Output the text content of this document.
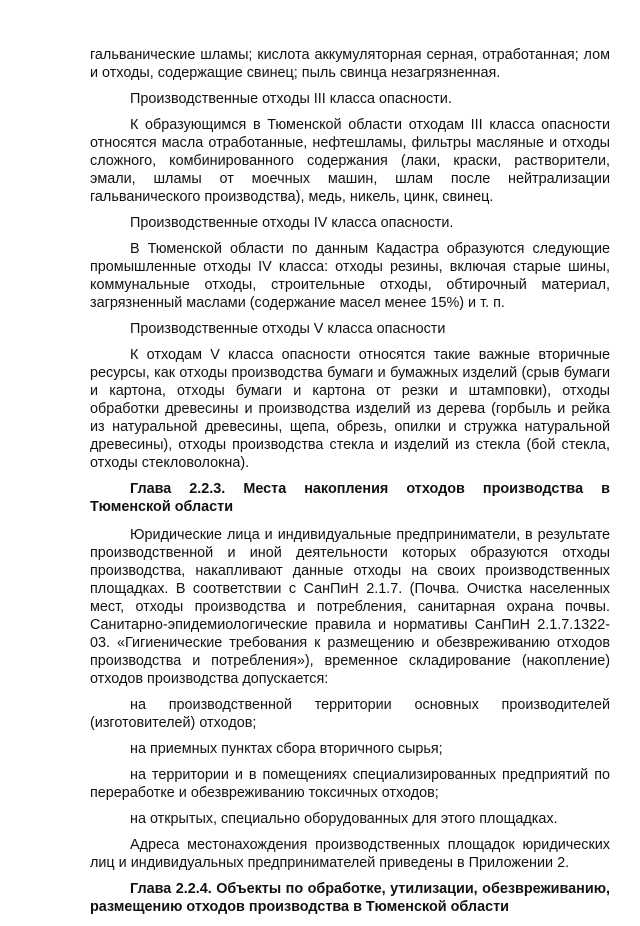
гальванические шламы; кислота аккумуляторная серная, отработанная; лом и отходы, содержащие свинец; пыль свинца незагрязненная.

Производственные отходы III класса опасности.

К образующимся в Тюменской области отходам III класса опасности относятся масла отработанные, нефтешламы, фильтры масляные и отходы сложного, комбинированного содержания (лаки, краски, растворители, эмали, шламы от моечных машин, шлам после нейтрализации гальванического производства), медь, никель, цинк, свинец.

Производственные отходы IV класса опасности.

В Тюменской области по данным Кадастра образуются следующие промышленные отходы IV класса: отходы резины, включая старые шины, коммунальные отходы, строительные отходы, обтирочный материал, загрязненный маслами (содержание масел менее 15%) и т. п.

Производственные отходы V класса опасности

К отходам V класса опасности относятся такие важные вторичные ресурсы, как отходы производства бумаги и бумажных изделий (срыв бумаги и картона, отходы бумаги и картона от резки и штамповки), отходы обработки древесины и производства изделий из дерева (горбыль и рейка из натуральной древесины, щепа, обрезь, опилки и стружка натуральной древесины), отходы производства стекла и изделий из стекла (бой стекла, отходы стекловолокна).

Глава 2.2.3. Места накопления отходов производства в Тюменской области

Юридические лица и индивидуальные предприниматели, в результате производственной и иной деятельности которых образуются отходы производства, накапливают данные отходы на своих производственных площадках. В соответствии с СанПиН 2.1.7. (Почва. Очистка населенных мест, отходы производства и потребления, санитарная охрана почвы. Санитарно-эпидемиологические правила и нормативы СанПиН 2.1.7.1322-03. «Гигиенические требования к размещению и обезвреживанию отходов производства и потребления»), временное складирование (накопление) отходов производства допускается:

на производственной территории основных производителей (изготовителей) отходов;

на приемных пунктах сбора вторичного сырья;

на территории и в помещениях специализированных предприятий по переработке и обезвреживанию токсичных отходов;

на открытых, специально оборудованных для этого площадках.

Адреса местонахождения производственных площадок юридических лиц и индивидуальных предпринимателей приведены в Приложении 2.

Глава 2.2.4. Объекты по обработке, утилизации, обезвреживанию, размещению отходов производства в Тюменской области
